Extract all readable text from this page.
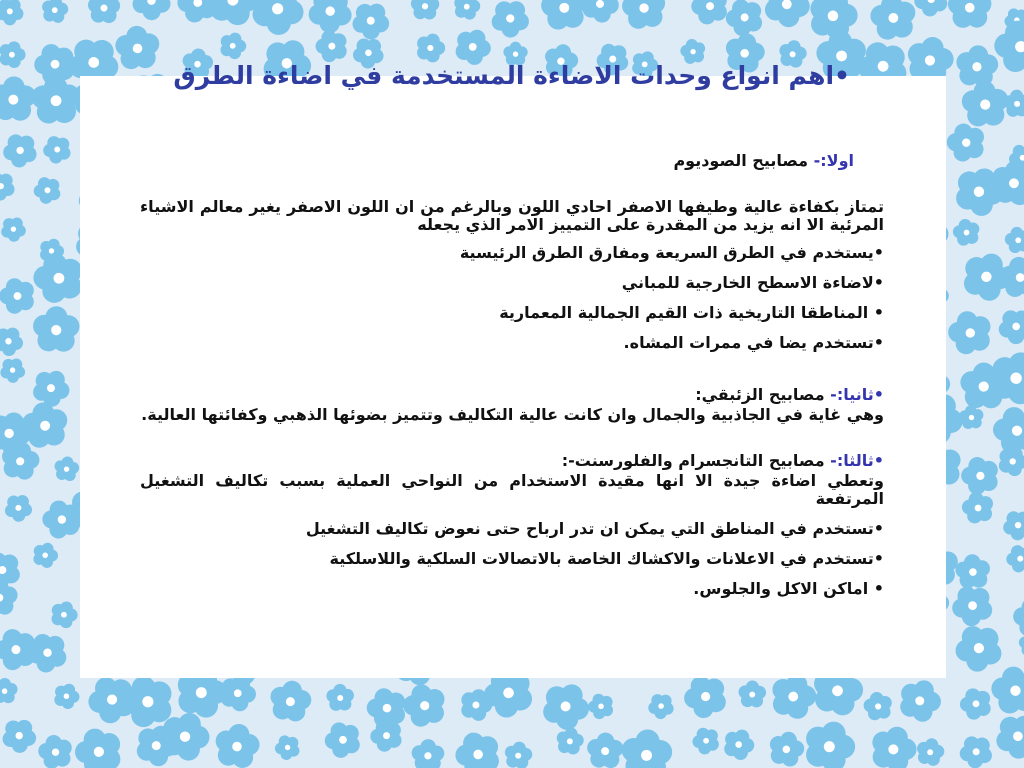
•اهم انواع وحدات الاضاءة المستخدمة في اضاءة الطرق
اولا:- مصابيح الصوديوم
تمتاز بكفاءة عالية وطيفها الاصفر احادي اللون وبالرغم من ان اللون الاصفر يغير معالم الاشياء المرئية الا انه يزيد من المقدرة على التمييز الامر الذي يجعله
•يستخدم في الطرق السريعة ومفارق الطرق الرئيسية
•لاضاءة الاسطح الخارجية للمباني
• المناطقا التاريخية ذات القيم الجمالية المعمارية
•تستخدم يضا في ممرات المشاه.
•ثانيا:- مصابيح الزئبقي:
وهي غاية في الجاذبية والجمال وان كانت عالية التكاليف وتتميز بضوئها الذهبي وكفائتها العالية.
•ثالثا:- مصابيح التانجسرام والفلورسنت-:
وتعطي اضاءة جيدة الا انها مقيدة الاستخدام من النواحي العملية بسبب تكاليف التشغيل المرتفعة
•تستخدم في المناطق التي يمكن ان تدر ارباح حتى نعوض تكاليف التشغيل
•تستخدم في الاعلانات والاكشاك الخاصة بالاتصالات السلكية واللاسلكية
• اماكن الاكل والجلوس.
